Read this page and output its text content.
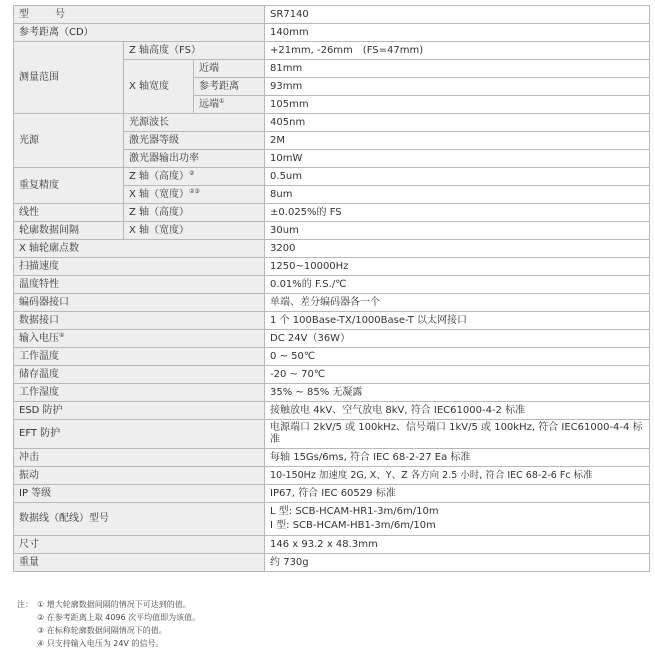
型　号			SR7140
参考距离（CD）			140mm
测量范围	Z 轴高度（FS）		+21mm, -26mm　(FS=47mm)
	X 轴宽度	近端	81mm
		参考距离	93mm
		远端①	105mm
光源	光源波长		405nm
	激光器等级		2M
	激光器输出功率		10mW
重复精度	Z 轴（高度）②		0.5um
	X 轴（宽度）②③		8um
线性	Z 轴（高度）		±0.025%的 FS
轮廓数据间隔	X 轴（宽度）		30um
X 轴轮廓点数			3200
扫描速度			1250~10000Hz
温度特性			0.01%的 F.S./℃
编码器接口			单端、差分编码器各一个
数据接口			1 个 100Base-TX/1000Base-T 以太网接口
输入电压④			DC 24V（36W）
工作温度			0 ~ 50℃
储存温度			-20 ~ 70℃
工作湿度			35% ~ 85% 无凝露
ESD 防护			接触放电 4kV、空气放电 8kV, 符合 IEC61000-4-2 标准
EFT 防护			电源端口 2kV/5 或 100kHz、信号端口 1kV/5 或 100kHz, 符合 IEC61000-4-4 标准
冲击			每轴 15Gs/6ms, 符合 IEC 68-2-27 Ea 标准
振动			10-150Hz 加速度 2G, X、Y、Z 各方向 2.5 小时, 符合 IEC 68-2-6 Fc 标准
IP 等级			IP67, 符合 IEC 60529 标准
数据线（配线）型号			L 型: SCB-HCAM-HR1-3m/6m/10m
I 型: SCB-HCAM-HB1-3m/6m/10m

尺寸			146 x 93.2 x 48.3mm
重量			约 730g
注： ① 增大轮廓数据间隔的情况下可达到的值。
② 在参考距离上取 4096 次平均值即为该值。
③ 在标称轮廓数据间隔情况下的值。
④ 只支持输入电压为 24V 的信号。
